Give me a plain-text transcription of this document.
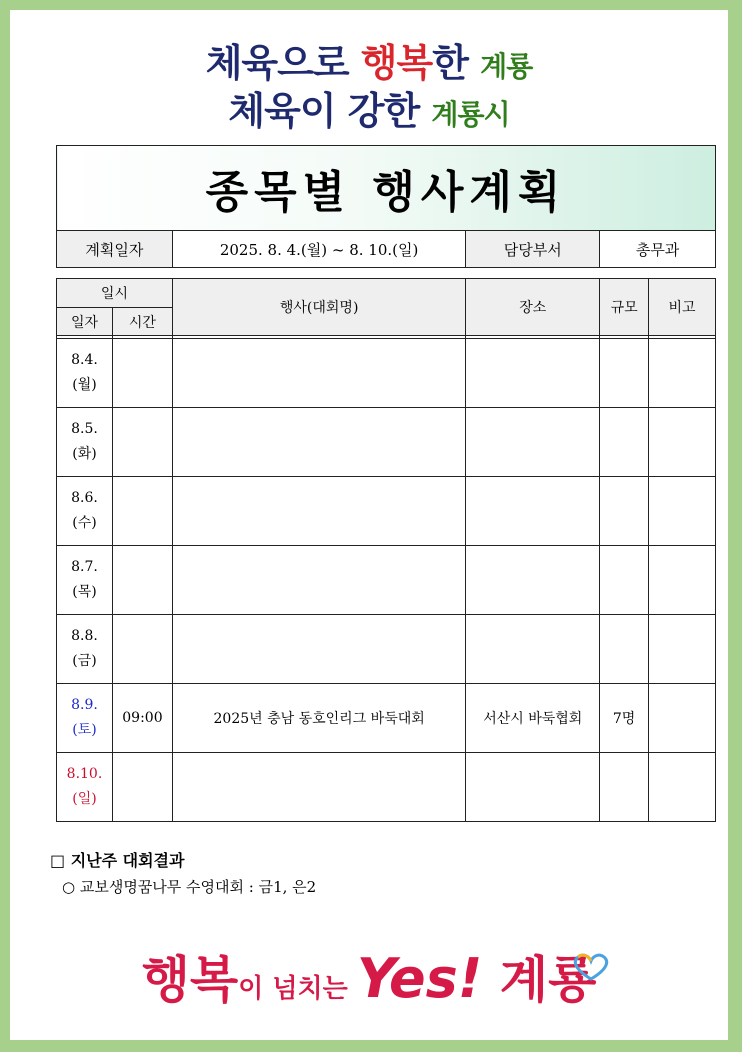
체육으로 행복한 계룡
체육이 강한 계룡시
종목별 행사계획
계획일자	2025. 8. 4.(월) ~ 8. 10.(일)	담당부서	총무과
일시		행사(대회명)	장소	규모	비고
일자	시간				

8.4.
(월)					

8.5.
(화)					

8.6.
(수)					

8.7.
(목)					

8.8.
(금)					

8.9.
(토)	09:00	2025년 충남 동호인리그 바둑대회	서산시 바둑협회	7명	

8.10.
(일)					

□ 지난주 대회결과
○ 교보생명꿈나무 수영대회 : 금1, 은2
행복이 넘치는 Yes! 계룡
